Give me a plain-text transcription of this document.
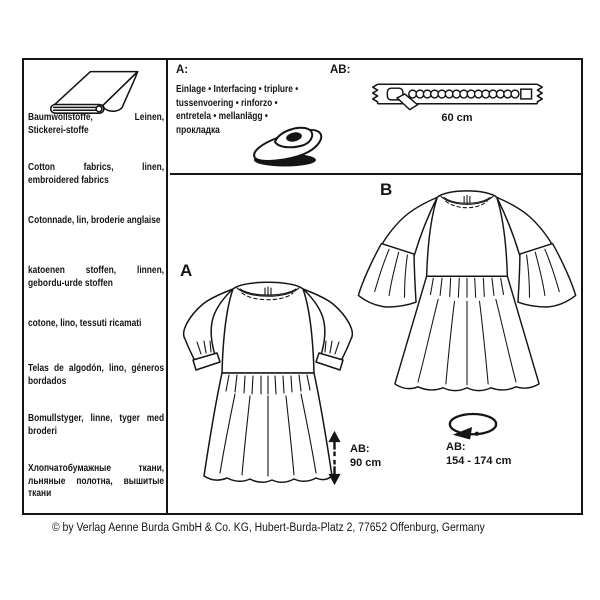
Baumwollstoffe, Leinen, Stickerei-stoffe

Cotton fabrics, linen, embroidered fabrics

Cotonnade, lin, broderie anglaise

katoenen stoffen, linnen, gebordu-urde stoffen

cotone, lino, tessuti ricamati

Telas de algodón, lino, géneros bordados

Bomullstyger, linne, tyger med broderi

Хлопчатобумажные ткани, льняные полотна, вышитые ткани

A:
Einlage • Interfacing • triplure •
tussenvoering • rinforzo •
entretela • mellanlägg •
прокладка
AB:
60 cm
A
B
AB:
90 cm
AB:
154 - 174 cm
© by Verlag Aenne Burda GmbH & Co. KG, Hubert-Burda-Platz 2, 77652 Offenburg, Germany
